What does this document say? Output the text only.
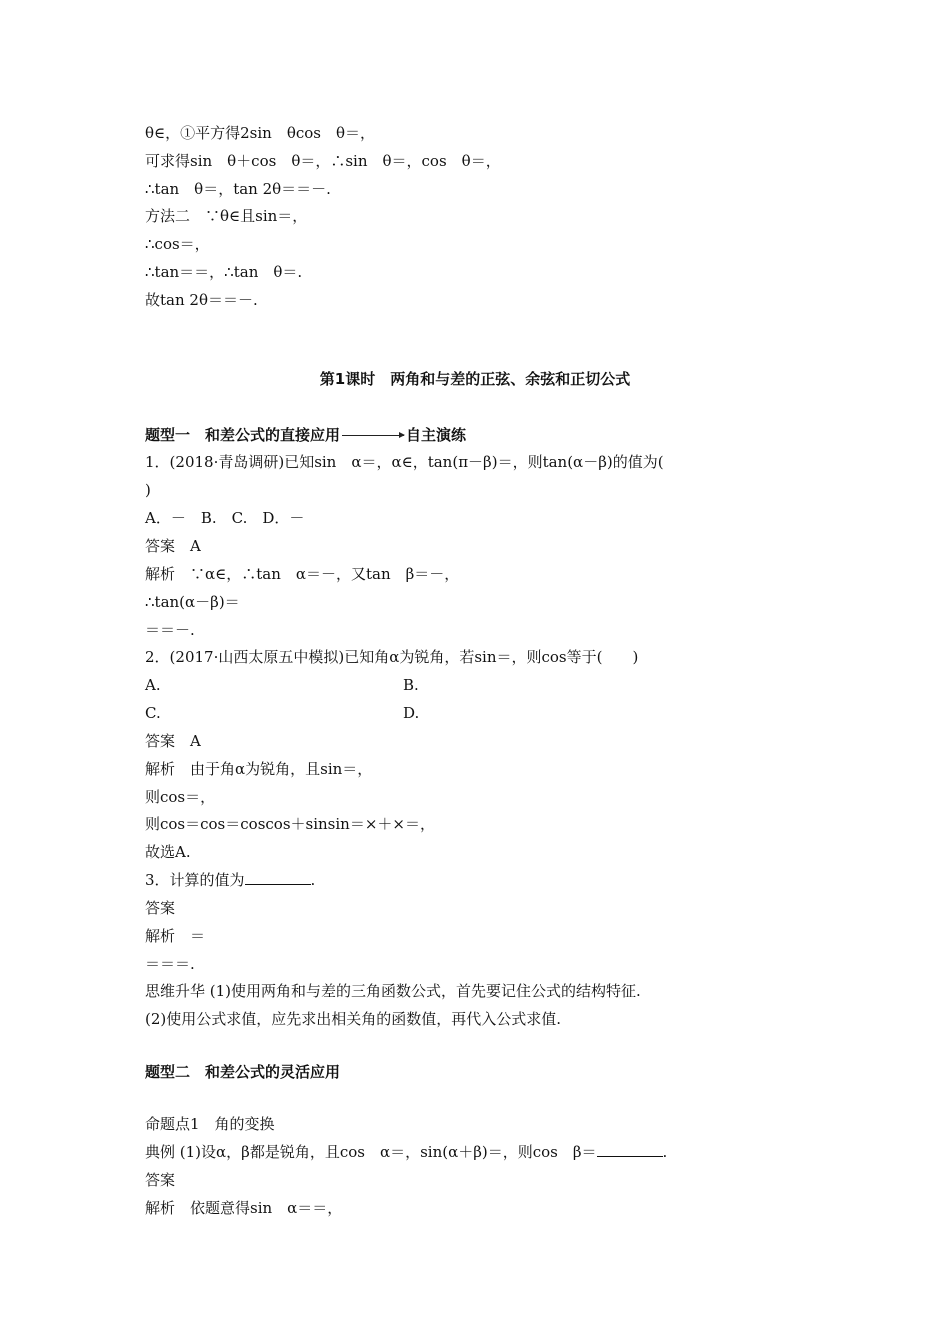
θ∈，①平方得2sin　θcos　θ＝，
可求得sin　θ＋cos　θ＝，∴sin　θ＝，cos　θ＝，
∴tan　θ＝，tan 2θ＝＝－.
方法二　∵θ∈且sin＝，
∴cos＝，
∴tan＝＝，∴tan　θ＝.
故tan 2θ＝＝－.
第1课时　两角和与差的正弦、余弦和正切公式
题型一　和差公式的直接应用	自主演练
1．(2018·青岛调研)已知sin　α＝，α∈，tan(π－β)＝，则tan(α－β)的值为(
)
A．－　B.　C.　D．－
答案　A
解析　∵α∈，∴tan　α＝－，又tan　β＝－，
∴tan(α－β)＝
＝＝－.
2．(2017·山西太原五中模拟)已知角α为锐角，若sin＝，则cos等于(　　)
A.	B.
C.	D.
答案　A
解析　由于角α为锐角，且sin＝，
则cos＝，
则cos＝cos＝coscos＋sinsin＝×＋×＝，
故选A.
3．计算的值为	.
答案
解析　＝
＝＝＝.
思维升华 (1)使用两角和与差的三角函数公式，首先要记住公式的结构特征.
(2)使用公式求值，应先求出相关角的函数值，再代入公式求值.
题型二　和差公式的灵活应用
命题点1　角的变换
典例 (1)设α，β都是锐角，且cos　α＝，sin(α＋β)＝，则cos　β＝	.
答案
解析　依题意得sin　α＝＝，
